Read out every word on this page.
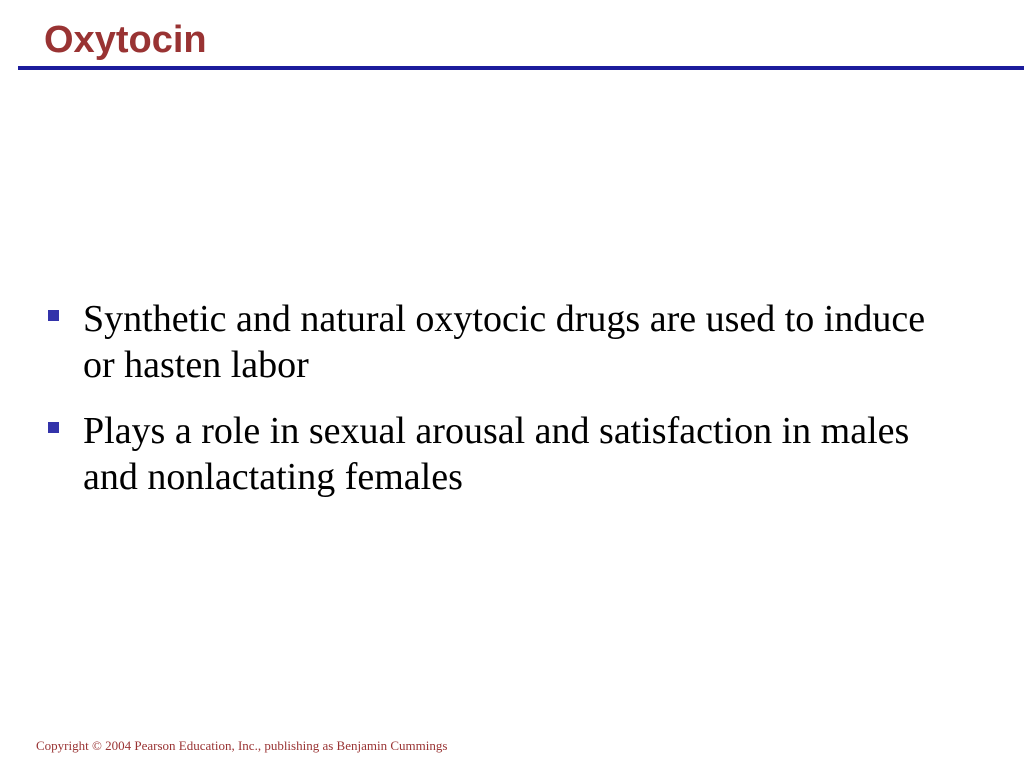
Oxytocin
Synthetic and natural oxytocic drugs are used to induce or hasten labor
Plays a role in sexual arousal and satisfaction in males and nonlactating females
Copyright © 2004 Pearson Education, Inc., publishing as Benjamin Cummings
